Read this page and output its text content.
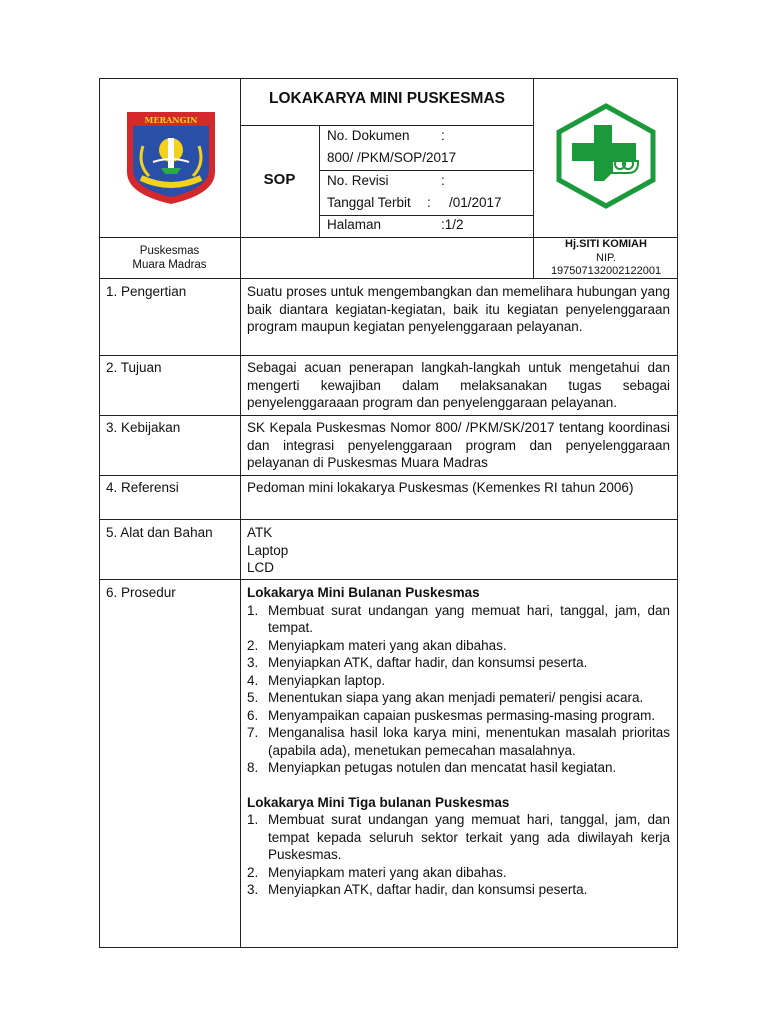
MERANGIN
LOKAKARYA MINI PUSKESMAS
SOP
No. Dokumen	:
800/ /PKM/SOP/2017
No. Revisi	:
Tanggal Terbit	:	/01/2017
Halaman	: 1/2
Puskesmas
Muara Madras
Hj.SITI KOMIAH
NIP.
197507132002122001
1. Pengertian	Suatu proses untuk mengembangkan dan memelihara hubungan yang baik diantara kegiatan-kegiatan, baik itu kegiatan penyelenggaraan program maupun kegiatan penyelenggaraan pelayanan.
2. Tujuan	Sebagai acuan penerapan langkah-langkah untuk mengetahui dan mengerti kewajiban dalam melaksanakan tugas sebagai penyelenggaraaan program dan penyelenggaraan pelayanan.
3. Kebijakan	SK Kepala Puskesmas Nomor 800/ /PKM/SK/2017 tentang koordinasi dan integrasi penyelenggaraan program dan penyelenggaraan pelayanan di Puskesmas Muara Madras
4. Referensi	Pedoman mini lokakarya Puskesmas (Kemenkes RI tahun 2006)
5. Alat dan Bahan	ATK
Laptop
LCD
6. Prosedur	Lokakarya Mini Bulanan Puskesmas
1. Membuat surat undangan yang memuat hari, tanggal, jam, dan tempat.
2. Menyiapkam materi yang akan dibahas.
3. Menyiapkan ATK, daftar hadir, dan konsumsi peserta.
4. Menyiapkan laptop.
5. Menentukan siapa yang akan menjadi pemateri/ pengisi acara.
6. Menyampaikan capaian puskesmas permasing-masing program.
7. Menganalisa hasil loka karya mini, menentukan masalah prioritas (apabila ada), menetukan pemecahan masalahnya.
8. Menyiapkan petugas notulen dan mencatat hasil kegiatan.
Lokakarya Mini Tiga bulanan Puskesmas
1. Membuat surat undangan yang memuat hari, tanggal, jam, dan tempat kepada seluruh sektor terkait yang ada diwilayah kerja Puskesmas.
2. Menyiapkam materi yang akan dibahas.
3. Menyiapkan ATK, daftar hadir, dan konsumsi peserta.
